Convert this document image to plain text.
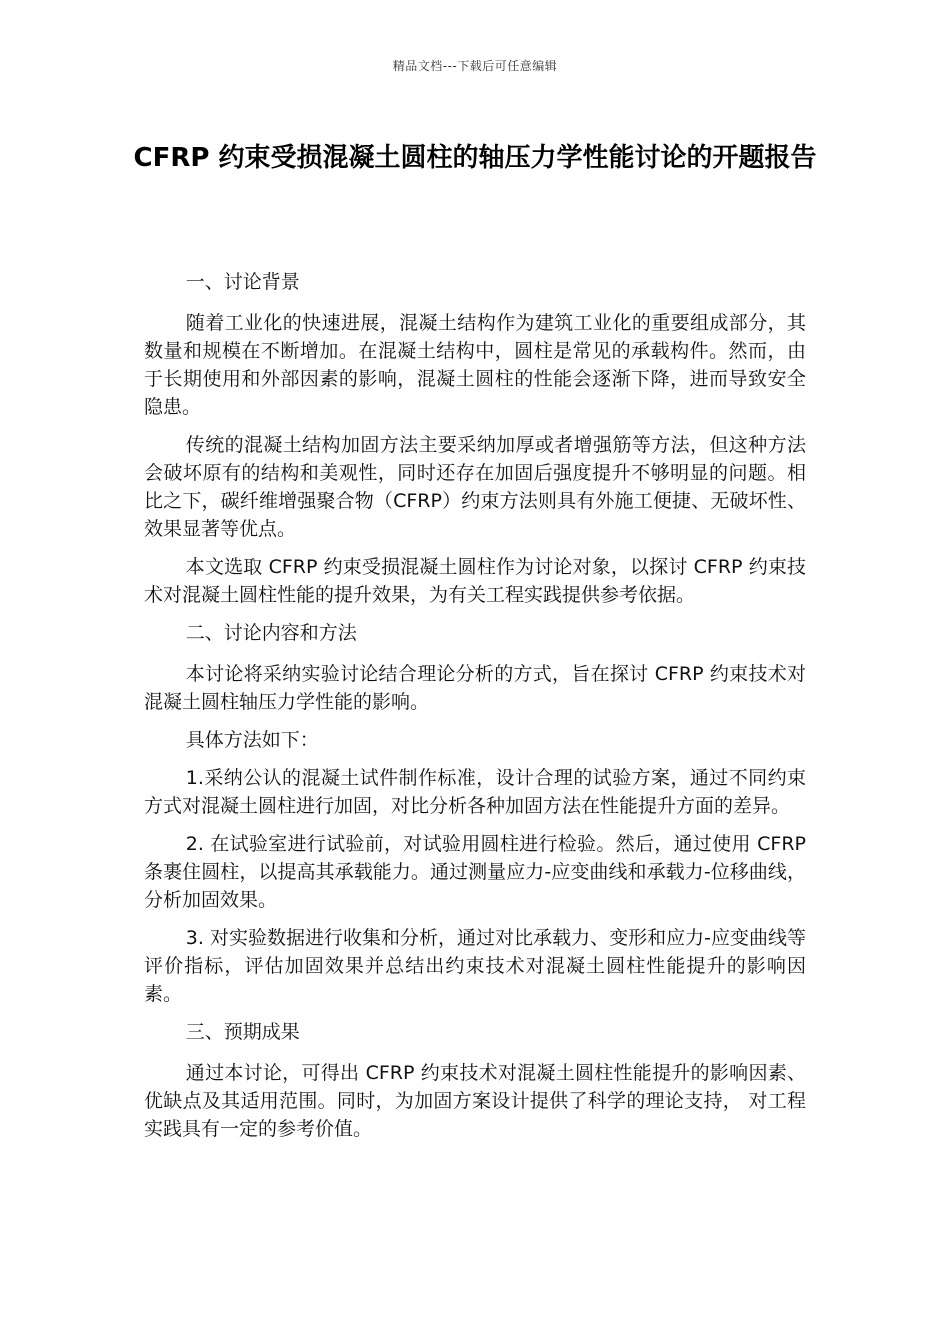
精品文档---下载后可任意编辑
CFRP 约束受损混凝土圆柱的轴压力学性能讨论的开题报告

一、讨论背景

随着工业化的快速进展，混凝土结构作为建筑工业化的重要组成部分，其数量和规模在不断增加。在混凝土结构中，圆柱是常见的承载构件。然而，由于长期使用和外部因素的影响，混凝土圆柱的性能会逐渐下降，进而导致安全隐患。

传统的混凝土结构加固方法主要采纳加厚或者增强筋等方法，但这种方法会破坏原有的结构和美观性，同时还存在加固后强度提升不够明显的问题。相比之下，碳纤维增强聚合物（CFRP）约束方法则具有外施工便捷、无破坏性、效果显著等优点。

本文选取 CFRP 约束受损混凝土圆柱作为讨论对象，以探讨 CFRP 约束技术对混凝土圆柱性能的提升效果，为有关工程实践提供参考依据。

二、讨论内容和方法

本讨论将采纳实验讨论结合理论分析的方式，旨在探讨 CFRP 约束技术对混凝土圆柱轴压力学性能的影响。

具体方法如下：

1.采纳公认的混凝土试件制作标准，设计合理的试验方案，通过不同约束方式对混凝土圆柱进行加固，对比分析各种加固方法在性能提升方面的差异。

2. 在试验室进行试验前，对试验用圆柱进行检验。然后，通过使用 CFRP 条裹住圆柱，以提高其承载能力。通过测量应力-应变曲线和承载力-位移曲线，分析加固效果。

3. 对实验数据进行收集和分析，通过对比承载力、变形和应力-应变曲线等评价指标，评估加固效果并总结出约束技术对混凝土圆柱性能提升的影响因素。

三、预期成果

通过本讨论，可得出 CFRP 约束技术对混凝土圆柱性能提升的影响因素、优缺点及其适用范围。同时，为加固方案设计提供了科学的理论支持， 对工程实践具有一定的参考价值。
